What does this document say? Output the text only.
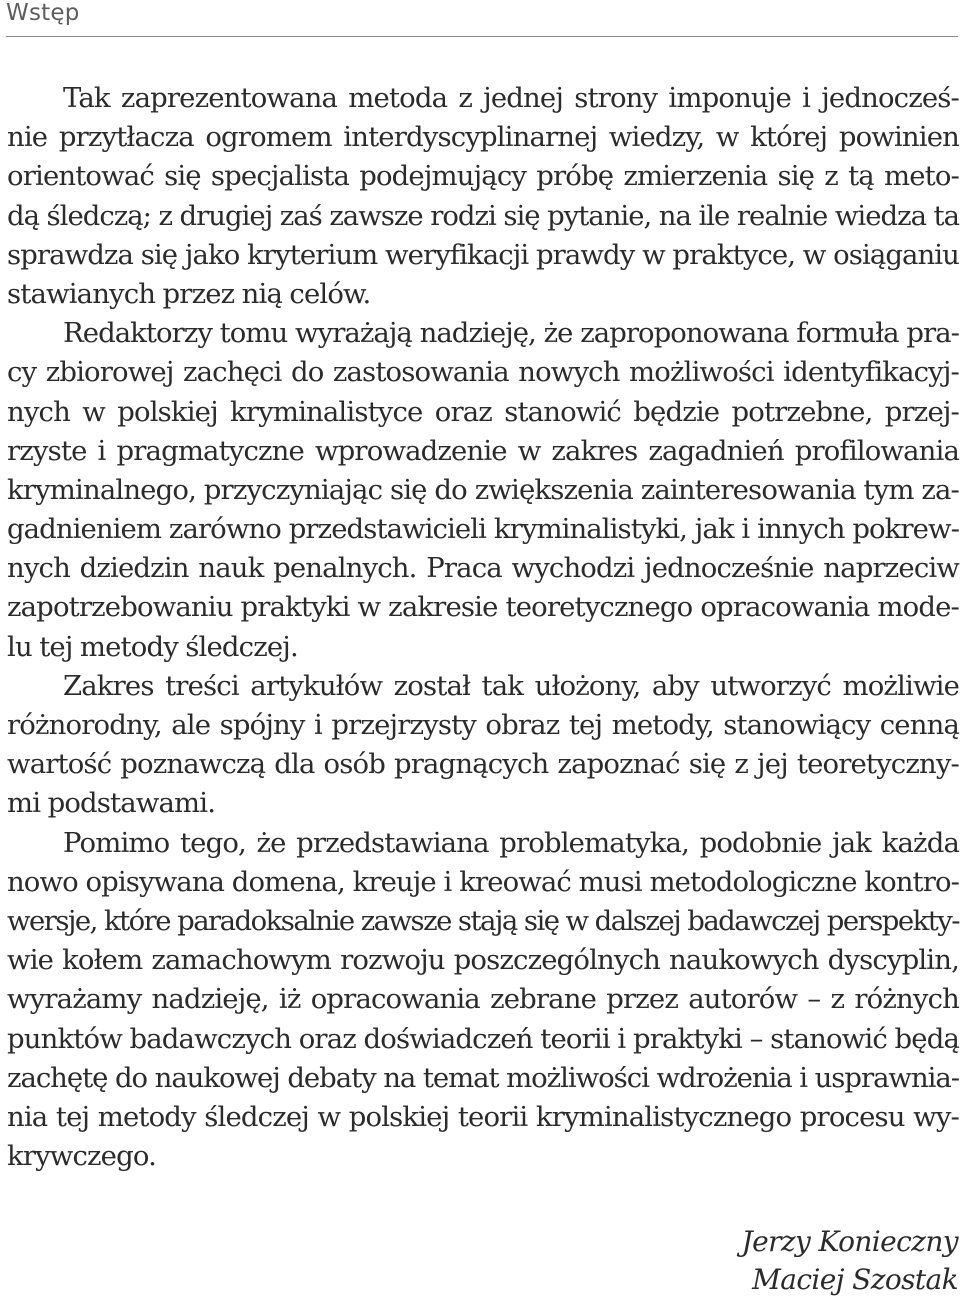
Wstęp
Tak zaprezentowana metoda z jednej strony imponuje i jednocześ-
nie przytłacza ogromem interdyscyplinarnej wiedzy, w której powinien
orientować się specjalista podejmujący próbę zmierzenia się z tą meto-
dą śledczą; z drugiej zaś zawsze rodzi się pytanie, na ile realnie wiedza ta
sprawdza się jako kryterium weryfikacji prawdy w praktyce, w osiąganiu
stawianych przez nią celów.
Redaktorzy tomu wyrażają nadzieję, że zaproponowana formuła pra-
cy zbiorowej zachęci do zastosowania nowych możliwości identyfikacyj-
nych w polskiej kryminalistyce oraz stanowić będzie potrzebne, przej-
rzyste i pragmatyczne wprowadzenie w zakres zagadnień profilowania
kryminalnego, przyczyniając się do zwiększenia zainteresowania tym za-
gadnieniem zarówno przedstawicieli kryminalistyki, jak i innych pokrew-
nych dziedzin nauk penalnych. Praca wychodzi jednocześnie naprzeciw
zapotrzebowaniu praktyki w zakresie teoretycznego opracowania mode-
lu tej metody śledczej.
Zakres treści artykułów został tak ułożony, aby utworzyć możliwie
różnorodny, ale spójny i przejrzysty obraz tej metody, stanowiący cenną
wartość poznawczą dla osób pragnących zapoznać się z jej teoretyczny-
mi podstawami.
Pomimo tego, że przedstawiana problematyka, podobnie jak każda
nowo opisywana domena, kreuje i kreować musi metodologiczne kontro-
wersje, które paradoksalnie zawsze stają się w dalszej badawczej perspekty-
wie kołem zamachowym rozwoju poszczególnych naukowych dyscyplin,
wyrażamy nadzieję, iż opracowania zebrane przez autorów – z różnych
punktów badawczych oraz doświadczeń teorii i praktyki – stanowić będą
zachętę do naukowej debaty na temat możliwości wdrożenia i usprawnia-
nia tej metody śledczej w polskiej teorii kryminalistycznego procesu wy-
krywczego.
Jerzy Konieczny
Maciej Szostak
